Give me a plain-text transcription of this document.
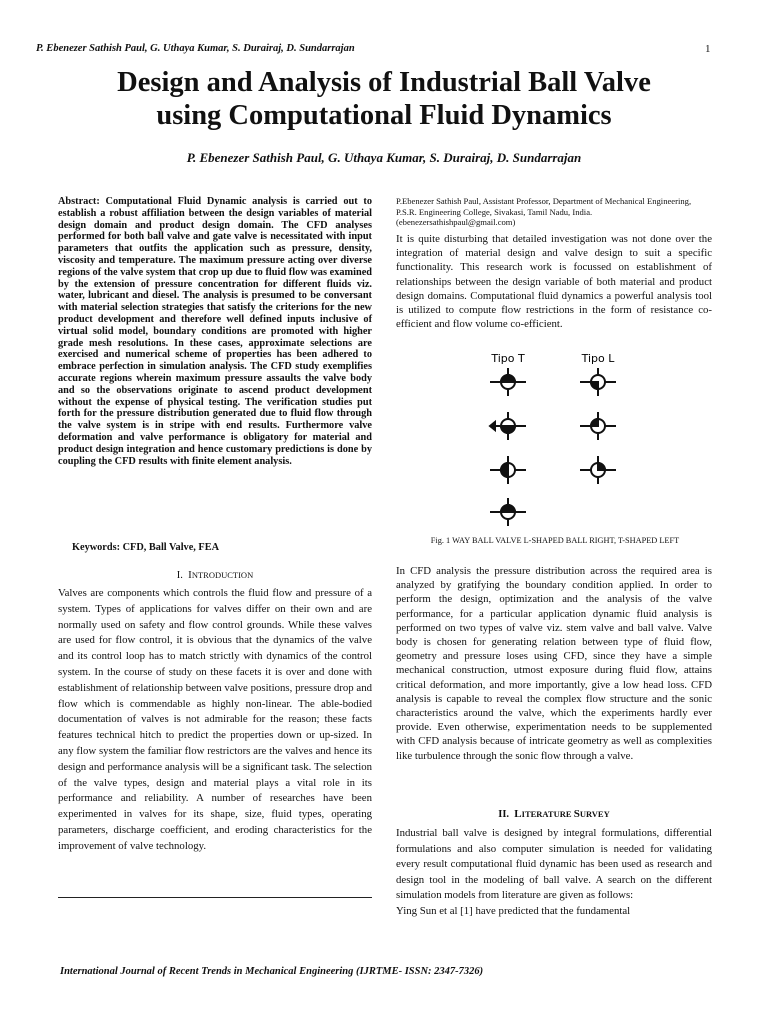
P. Ebenezer Sathish Paul, G. Uthaya Kumar, S. Durairaj, D. Sundarrajan	1
Design and Analysis of Industrial Ball Valve
using Computational Fluid Dynamics
P. Ebenezer Sathish Paul, G. Uthaya Kumar, S. Durairaj, D. Sundarrajan
Abstract: Computational Fluid Dynamic analysis is carried out to establish a robust affiliation between the design variables of material design domain and product design domain. The CFD analyses performed for both ball valve and gate valve is necessitated with input parameters that outfits the application such as pressure, density, viscosity and temperature. The maximum pressure acting over diverse regions of the valve system that crop up due to fluid flow was examined by the extension of pressure concentration for different fluids viz. water, lubricant and diesel. The analysis is presumed to be conversant with material selection strategies that satisfy the criterions for the new product development and therefore well defined inputs inclusive of virtual solid model, boundary conditions are promoted with higher grade mesh resolutions. In these cases, approximate selections are exercised and numerical scheme of properties has been adhered to embrace perfection in simulation analysis. The CFD study exemplifies accurate regions wherein maximum pressure assaults the valve body and so the observations originate to ascend product development without the expense of physical testing. The verification studies put forth for the pressure distribution generated due to fluid flow through the valve system is in stripe with end results. Furthermore valve deformation and valve performance is obligatory for material and product design integration and hence customary predictions is done by coupling the CFD results with finite element analysis.
Keywords: CFD, Ball Valve, FEA
I. INTRODUCTION
Valves are components which controls the fluid flow and pressure of a system. Types of applications for valves differ on their own and are normally used on safety and flow control grounds. While these valves are used for flow control, it is obvious that the dynamics of the valve and its control loop has to match strictly with dynamics of the control system. In the course of study on these facets it is over and done with establishment of relationship between valve positions, pressure drop and flow which is commendable as highly non-linear. The able-bodied documentation of valves is not admirable for the reason; these facts features technical hitch to predict the properties down or up-sized. In any flow system the familiar flow restrictors are the valves and hence its design and performance analysis will be a significant task. The selection of the valve types, design and material plays a vital role in its performance and reliability. A number of researches have been experimented in valves for its shape, size, fluid types, operating parameters, discharge coefficient, and eroding characteristics for the improvement of valve technology.
P.Ebenezer Sathish Paul, Assistant Professor, Department of Mechanical Engineering, P.S.R. Engineering College, Sivakasi, Tamil Nadu, India. (ebenezersathishpaul@gmail.com)
It is quite disturbing that detailed investigation was not done over the integration of material design and valve design to suit a specific functionality. This research work is focussed on establishment of relationships between the design variable of both material and product design domains. Computational fluid dynamics a powerful analysis tool is utilized to compute flow restrictions in the form of resistance co-efficient and flow volume co-efficient.
Tipo T	Tipo L
Fig. 1 WAY BALL VALVE L-SHAPED BALL RIGHT, T-SHAPED LEFT
In CFD analysis the pressure distribution across the required area is analyzed by gratifying the boundary condition applied. In order to perform the design, optimization and the analysis of the valve performance, for a particular application dynamic fluid analysis is performed on two types of valve viz. stem valve and ball valve. Valve body is chosen for generating relation between type of fluid flow, geometry and pressure loses using CFD, since they have a simple mechanical construction, utmost exposure during fluid flow, attains critical deformation, and more importantly, give a low head loss. CFD analysis is capable to reveal the complex flow structure and the sonic characteristics around the valve, which the experiments hardly ever provide. Even otherwise, experimentation needs to be supplemented with CFD analysis because of intricate geometry as well as complexities like turbulence through the sonic flow through a valve.
II. LITERATURE SURVEY
Industrial ball valve is designed by integral formulations, differential formulations and also computer simulation is needed for validating every result computational fluid dynamic has been used as research and design tool in the modeling of ball valve. A search on the different simulation models from literature are given as follows:
Ying Sun et al [1] have predicted that the fundamental
International Journal of Recent Trends in Mechanical Engineering (IJRTME- ISSN: 2347-7326)
